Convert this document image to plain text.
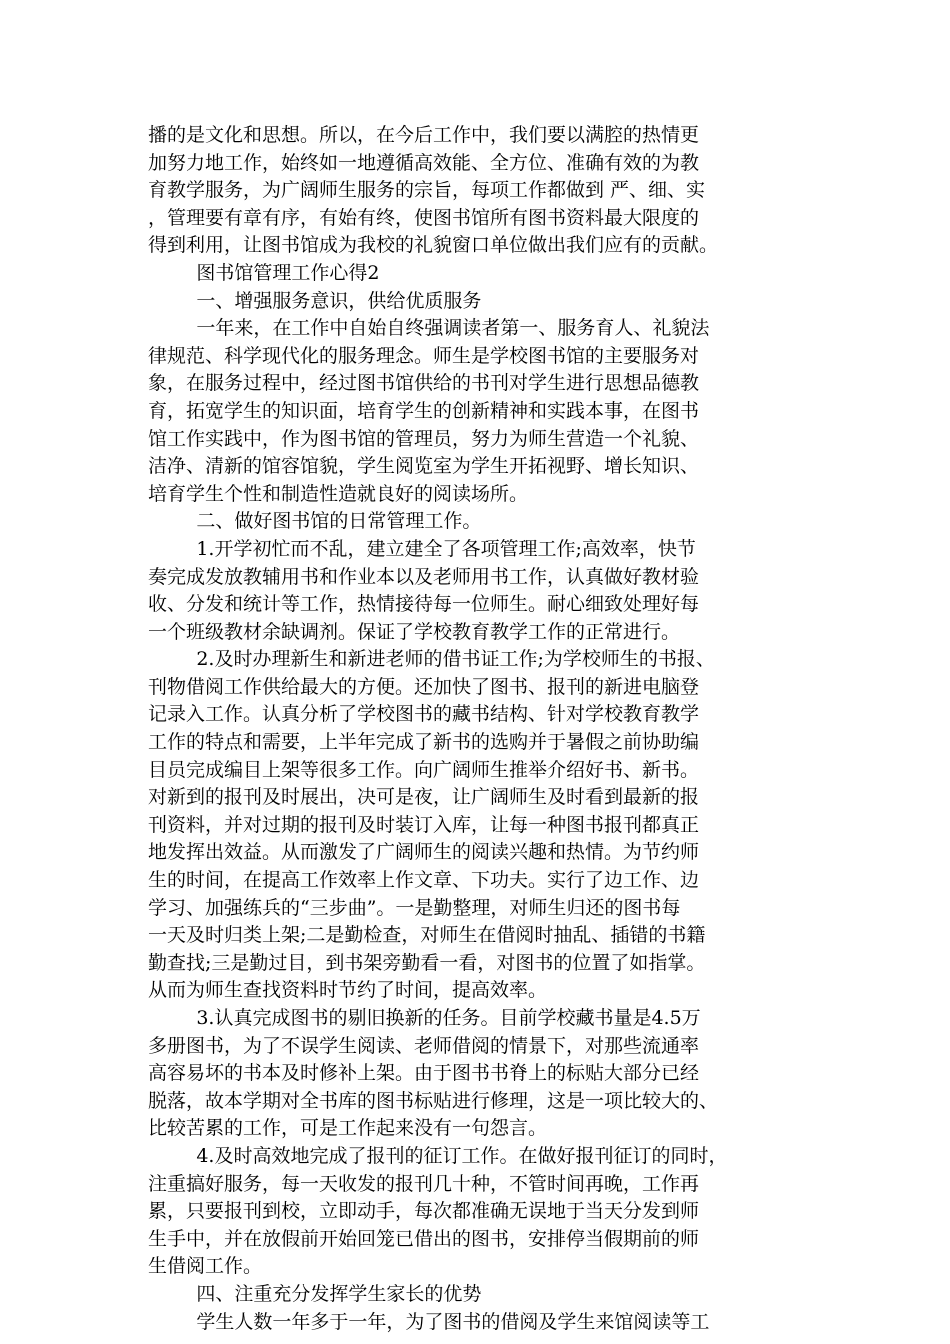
播的是文化和思想。所以，在今后工作中，我们要以满腔的热情更
加努力地工作，始终如一地遵循高效能、全方位、准确有效的为教
育教学服务，为广阔师生服务的宗旨，每项工作都做到 严、细、实
，管理要有章有序，有始有终，使图书馆所有图书资料最大限度的
得到利用，让图书馆成为我校的礼貌窗口单位做出我们应有的贡献。
图书馆管理工作心得2
一、增强服务意识，供给优质服务
一年来，在工作中自始自终强调读者第一、服务育人、礼貌法
律规范、科学现代化的服务理念。师生是学校图书馆的主要服务对
象，在服务过程中，经过图书馆供给的书刊对学生进行思想品德教
育，拓宽学生的知识面，培育学生的创新精神和实践本事，在图书
馆工作实践中，作为图书馆的管理员，努力为师生营造一个礼貌、
洁净、清新的馆容馆貌，学生阅览室为学生开拓视野、增长知识、
培育学生个性和制造性造就良好的阅读场所。
二、做好图书馆的日常管理工作。
1.开学初忙而不乱，建立建全了各项管理工作;高效率，快节
奏完成发放教辅用书和作业本以及老师用书工作，认真做好教材验
收、分发和统计等工作，热情接待每一位师生。耐心细致处理好每
一个班级教材余缺调剂。保证了学校教育教学工作的正常进行。
2.及时办理新生和新进老师的借书证工作;为学校师生的书报、
刊物借阅工作供给最大的方便。还加快了图书、报刊的新进电脑登
记录入工作。认真分析了学校图书的藏书结构、针对学校教育教学
工作的特点和需要，上半年完成了新书的选购并于暑假之前协助编
目员完成编目上架等很多工作。向广阔师生推举介绍好书、新书。
对新到的报刊及时展出，决可是夜，让广阔师生及时看到最新的报
刊资料，并对过期的报刊及时装订入库，让每一种图书报刊都真正
地发挥出效益。从而激发了广阔师生的阅读兴趣和热情。为节约师
生的时间，在提高工作效率上作文章、下功夫。实行了边工作、边
学习、加强练兵的“三步曲”。一是勤整理，对师生归还的图书每
一天及时归类上架;二是勤检查，对师生在借阅时抽乱、插错的书籍
勤查找;三是勤过目，到书架旁勤看一看，对图书的位置了如指掌。
从而为师生查找资料时节约了时间，提高效率。
3.认真完成图书的剔旧换新的任务。目前学校藏书量是4.5万
多册图书，为了不误学生阅读、老师借阅的情景下，对那些流通率
高容易坏的书本及时修补上架。由于图书书脊上的标贴大部分已经
脱落，故本学期对全书库的图书标贴进行修理，这是一项比较大的、
比较苦累的工作，可是工作起来没有一句怨言。
4.及时高效地完成了报刊的征订工作。在做好报刊征订的同时，
注重搞好服务，每一天收发的报刊几十种，不管时间再晚，工作再
累，只要报刊到校，立即动手，每次都准确无误地于当天分发到师
生手中，并在放假前开始回笼已借出的图书，安排停当假期前的师
生借阅工作。
四、注重充分发挥学生家长的优势
学生人数一年多于一年，为了图书的借阅及学生来馆阅读等工
